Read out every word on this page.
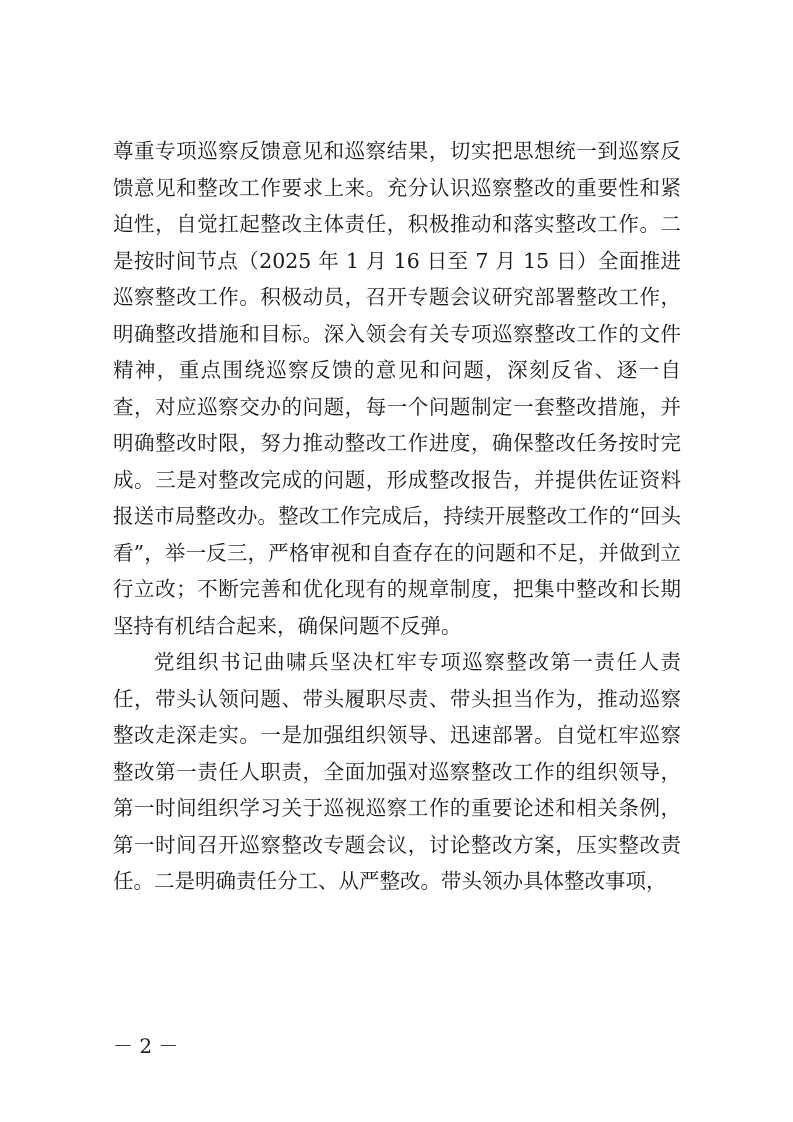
尊重专项巡察反馈意见和巡察结果，切实把思想统一到巡察反馈意见和整改工作要求上来。充分认识巡察整改的重要性和紧迫性，自觉扛起整改主体责任，积极推动和落实整改工作。二是按时间节点（2025 年 1 月 16 日至 7 月 15 日）全面推进巡察整改工作。积极动员，召开专题会议研究部署整改工作，明确整改措施和目标。深入领会有关专项巡察整改工作的文件精神，重点围绕巡察反馈的意见和问题，深刻反省、逐一自查，对应巡察交办的问题，每一个问题制定一套整改措施，并明确整改时限，努力推动整改工作进度，确保整改任务按时完成。三是对整改完成的问题，形成整改报告，并提供佐证资料报送市局整改办。整改工作完成后，持续开展整改工作的“回头看”，举一反三，严格审视和自查存在的问题和不足，并做到立行立改；不断完善和优化现有的规章制度，把集中整改和长期坚持有机结合起来，确保问题不反弹。

党组织书记曲啸兵坚决杠牢专项巡察整改第一责任人责任，带头认领问题、带头履职尽责、带头担当作为，推动巡察整改走深走实。一是加强组织领导、迅速部署。自觉杠牢巡察整改第一责任人职责，全面加强对巡察整改工作的组织领导，第一时间组织学习关于巡视巡察工作的重要论述和相关条例，第一时间召开巡察整改专题会议，讨论整改方案，压实整改责任。二是明确责任分工、从严整改。带头领办具体整改事项，

－ 2 －
